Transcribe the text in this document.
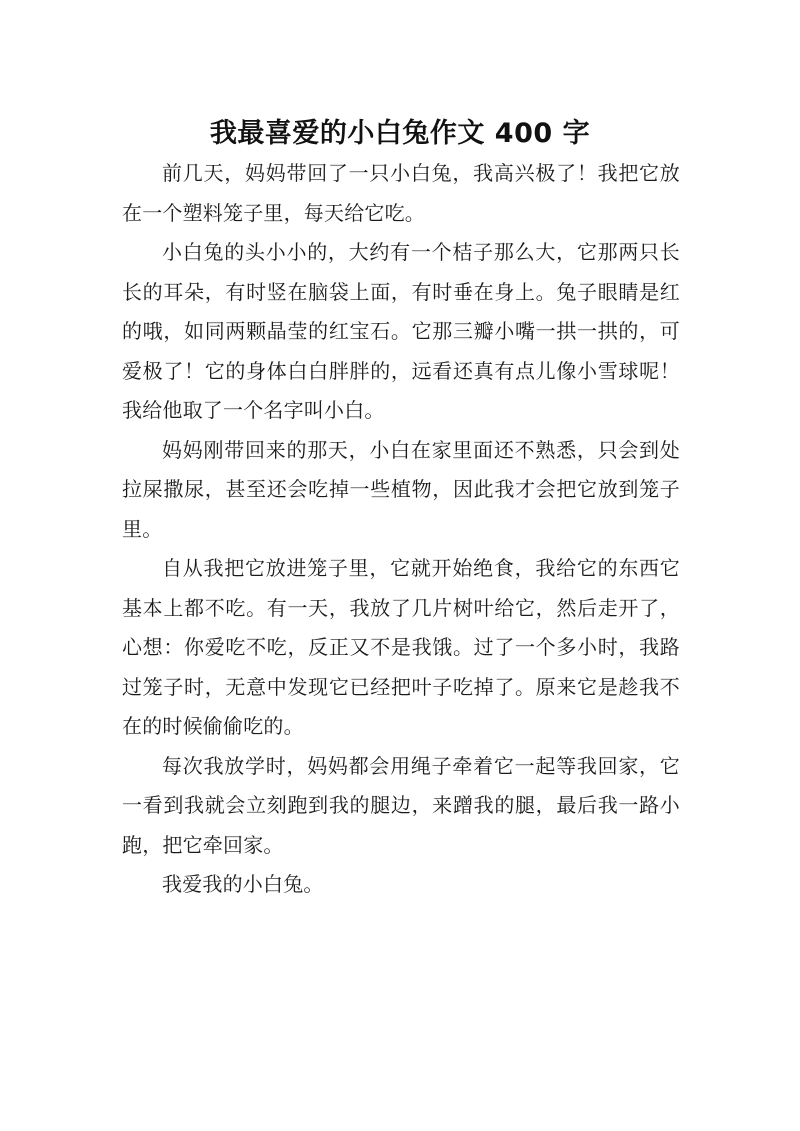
我最喜爱的小白兔作文 400 字

前几天，妈妈带回了一只小白兔，我高兴极了！我把它放在一个塑料笼子里，每天给它吃。

小白兔的头小小的，大约有一个桔子那么大，它那两只长长的耳朵，有时竖在脑袋上面，有时垂在身上。兔子眼睛是红的哦，如同两颗晶莹的红宝石。它那三瓣小嘴一拱一拱的，可爱极了！它的身体白白胖胖的，远看还真有点儿像小雪球呢！我给他取了一个名字叫小白。

妈妈刚带回来的那天，小白在家里面还不熟悉，只会到处拉屎撒尿，甚至还会吃掉一些植物，因此我才会把它放到笼子里。

自从我把它放进笼子里，它就开始绝食，我给它的东西它基本上都不吃。有一天，我放了几片树叶给它，然后走开了，心想：你爱吃不吃，反正又不是我饿。过了一个多小时，我路过笼子时，无意中发现它已经把叶子吃掉了。原来它是趁我不在的时候偷偷吃的。

每次我放学时，妈妈都会用绳子牵着它一起等我回家，它一看到我就会立刻跑到我的腿边，来蹭我的腿，最后我一路小跑，把它牵回家。

我爱我的小白兔。
